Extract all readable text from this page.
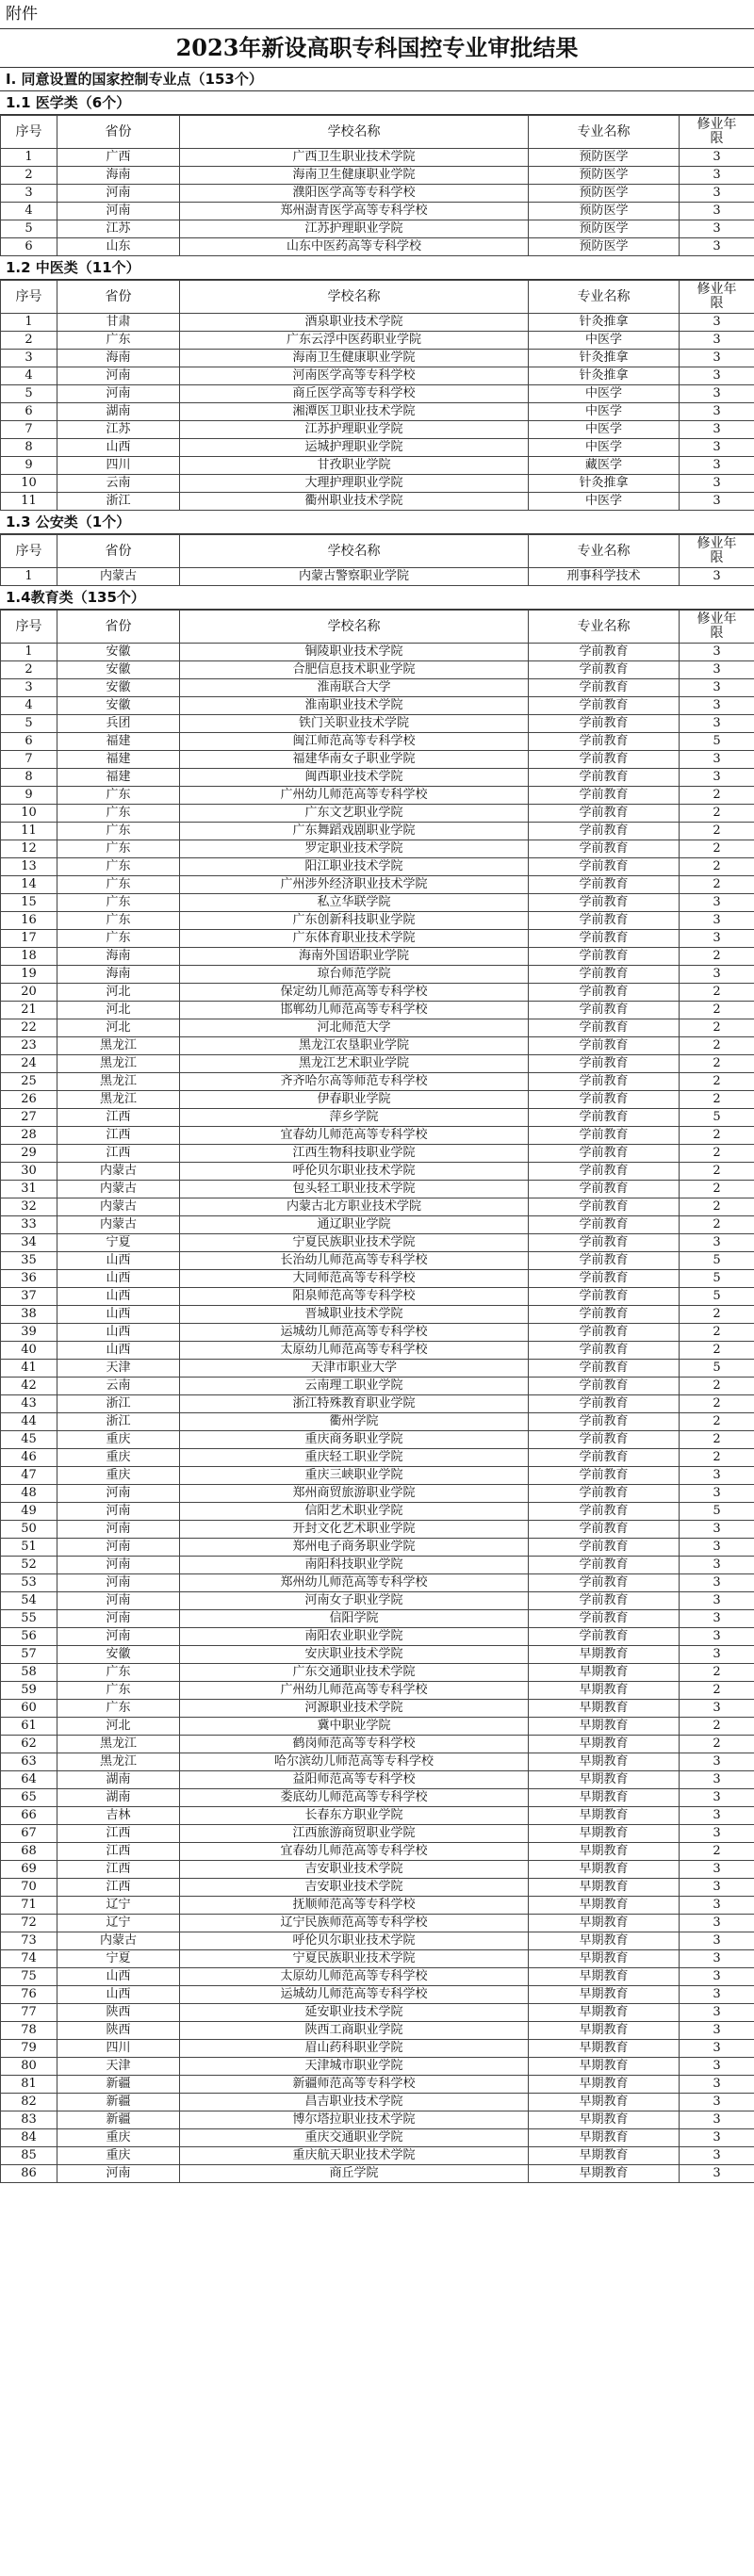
附件
2023年新设高职专科国控专业审批结果
I. 同意设置的国家控制专业点（153个）
1.1 医学类（6个）
序号	省份	学校名称	专业名称	修业年限
1	广西	广西卫生职业技术学院	预防医学	3
2	海南	海南卫生健康职业学院	预防医学	3
3	河南	濮阳医学高等专科学校	预防医学	3
4	河南	郑州澍青医学高等专科学校	预防医学	3
5	江苏	江苏护理职业学院	预防医学	3
6	山东	山东中医药高等专科学校	预防医学	3
1.2 中医类（11个）
序号	省份	学校名称	专业名称	修业年限
1	甘肃	酒泉职业技术学院	针灸推拿	3
2	广东	广东云浮中医药职业学院	中医学	3
3	海南	海南卫生健康职业学院	针灸推拿	3
4	河南	河南医学高等专科学校	针灸推拿	3
5	河南	商丘医学高等专科学校	中医学	3
6	湖南	湘潭医卫职业技术学院	中医学	3
7	江苏	江苏护理职业学院	中医学	3
8	山西	运城护理职业学院	中医学	3
9	四川	甘孜职业学院	藏医学	3
10	云南	大理护理职业学院	针灸推拿	3
11	浙江	衢州职业技术学院	中医学	3
1.3 公安类（1个）
序号	省份	学校名称	专业名称	修业年限
1	内蒙古	内蒙古警察职业学院	刑事科学技术	3
1.4教育类（135个）
序号	省份	学校名称	专业名称	修业年限
1	安徽	铜陵职业技术学院	学前教育	3
2	安徽	合肥信息技术职业学院	学前教育	3
3	安徽	淮南联合大学	学前教育	3
4	安徽	淮南职业技术学院	学前教育	3
5	兵团	铁门关职业技术学院	学前教育	3
6	福建	闽江师范高等专科学校	学前教育	5
7	福建	福建华南女子职业学院	学前教育	3
8	福建	闽西职业技术学院	学前教育	3
9	广东	广州幼儿师范高等专科学校	学前教育	2
10	广东	广东文艺职业学院	学前教育	2
11	广东	广东舞蹈戏剧职业学院	学前教育	2
12	广东	罗定职业技术学院	学前教育	2
13	广东	阳江职业技术学院	学前教育	2
14	广东	广州涉外经济职业技术学院	学前教育	2
15	广东	私立华联学院	学前教育	3
16	广东	广东创新科技职业学院	学前教育	3
17	广东	广东体育职业技术学院	学前教育	3
18	海南	海南外国语职业学院	学前教育	2
19	海南	琼台师范学院	学前教育	3
20	河北	保定幼儿师范高等专科学校	学前教育	2
21	河北	邯郸幼儿师范高等专科学校	学前教育	2
22	河北	河北师范大学	学前教育	2
23	黑龙江	黑龙江农垦职业学院	学前教育	2
24	黑龙江	黑龙江艺术职业学院	学前教育	2
25	黑龙江	齐齐哈尔高等师范专科学校	学前教育	2
26	黑龙江	伊春职业学院	学前教育	2
27	江西	萍乡学院	学前教育	5
28	江西	宜春幼儿师范高等专科学校	学前教育	2
29	江西	江西生物科技职业学院	学前教育	2
30	内蒙古	呼伦贝尔职业技术学院	学前教育	2
31	内蒙古	包头轻工职业技术学院	学前教育	2
32	内蒙古	内蒙古北方职业技术学院	学前教育	2
33	内蒙古	通辽职业学院	学前教育	2
34	宁夏	宁夏民族职业技术学院	学前教育	3
35	山西	长治幼儿师范高等专科学校	学前教育	5
36	山西	大同师范高等专科学校	学前教育	5
37	山西	阳泉师范高等专科学校	学前教育	5
38	山西	晋城职业技术学院	学前教育	2
39	山西	运城幼儿师范高等专科学校	学前教育	2
40	山西	太原幼儿师范高等专科学校	学前教育	2
41	天津	天津市职业大学	学前教育	5
42	云南	云南理工职业学院	学前教育	2
43	浙江	浙江特殊教育职业学院	学前教育	2
44	浙江	衢州学院	学前教育	2
45	重庆	重庆商务职业学院	学前教育	2
46	重庆	重庆轻工职业学院	学前教育	2
47	重庆	重庆三峡职业学院	学前教育	3
48	河南	郑州商贸旅游职业学院	学前教育	3
49	河南	信阳艺术职业学院	学前教育	5
50	河南	开封文化艺术职业学院	学前教育	3
51	河南	郑州电子商务职业学院	学前教育	3
52	河南	南阳科技职业学院	学前教育	3
53	河南	郑州幼儿师范高等专科学校	学前教育	3
54	河南	河南女子职业学院	学前教育	3
55	河南	信阳学院	学前教育	3
56	河南	南阳农业职业学院	学前教育	3
57	安徽	安庆职业技术学院	早期教育	3
58	广东	广东交通职业技术学院	早期教育	2
59	广东	广州幼儿师范高等专科学校	早期教育	2
60	广东	河源职业技术学院	早期教育	3
61	河北	冀中职业学院	早期教育	2
62	黑龙江	鹤岗师范高等专科学校	早期教育	2
63	黑龙江	哈尔滨幼儿师范高等专科学校	早期教育	3
64	湖南	益阳师范高等专科学校	早期教育	3
65	湖南	娄底幼儿师范高等专科学校	早期教育	3
66	吉林	长春东方职业学院	早期教育	3
67	江西	江西旅游商贸职业学院	早期教育	3
68	江西	宜春幼儿师范高等专科学校	早期教育	2
69	江西	吉安职业技术学院	早期教育	3
70	江西	吉安职业技术学院	早期教育	3
71	辽宁	抚顺师范高等专科学校	早期教育	3
72	辽宁	辽宁民族师范高等专科学校	早期教育	3
73	内蒙古	呼伦贝尔职业技术学院	早期教育	3
74	宁夏	宁夏民族职业技术学院	早期教育	3
75	山西	太原幼儿师范高等专科学校	早期教育	3
76	山西	运城幼儿师范高等专科学校	早期教育	3
77	陕西	延安职业技术学院	早期教育	3
78	陕西	陕西工商职业学院	早期教育	3
79	四川	眉山药科职业学院	早期教育	3
80	天津	天津城市职业学院	早期教育	3
81	新疆	新疆师范高等专科学校	早期教育	3
82	新疆	昌吉职业技术学院	早期教育	3
83	新疆	博尔塔拉职业技术学院	早期教育	3
84	重庆	重庆交通职业学院	早期教育	3
85	重庆	重庆航天职业技术学院	早期教育	3
86	河南	商丘学院	早期教育	3
